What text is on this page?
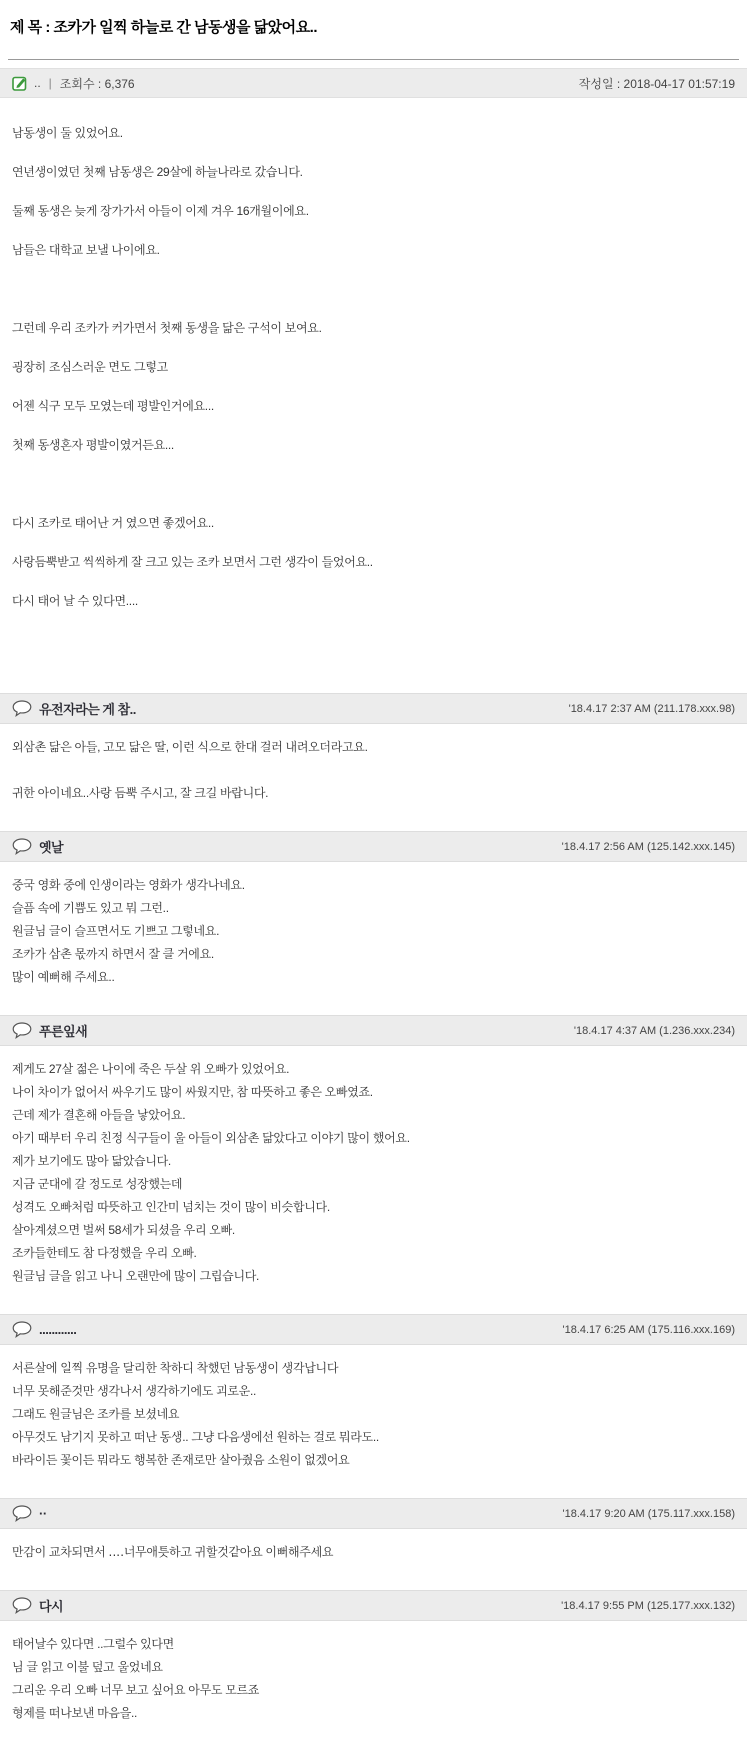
제 목 : 조카가 일찍 하늘로 간 남동생을 닮았어요..
.. | 조회수 : 6,376	작성일 : 2018-04-17 01:57:19
남동생이 둘 있었어요.
연년생이였던 첫째 남동생은 29살에 하늘나라로 갔습니다.
둘째 동생은 늦게 장가가서 아들이 이제 겨우 16개월이에요.
남들은 대학교 보낼 나이에요.

그런데 우리 조카가 커가면서 첫째 동생을 닮은 구석이 보여요.
굉장히 조심스러운 면도 그렇고
어젠 식구 모두 모였는데 평발인거에요...
첫째 동생혼자 평발이였거든요...

다시 조카로 태어난 거 였으면 좋겠어요..
사랑듬뿍받고 씩씩하게 잘 크고 있는 조카 보면서 그런 생각이 들었어요..
다시 태어 날 수 있다면....
유전자라는 게 참..	'18.4.17 2:37 AM (211.178.xxx.98)
외삼촌 닮은 아들, 고모 닮은 딸, 이런 식으로 한대 걸러 내려오더라고요.

귀한 아이네요..사랑 듬뿍 주시고, 잘 크길 바랍니다.
옛날	'18.4.17 2:56 AM (125.142.xxx.145)
중국 영화 중에 인생이라는 영화가 생각나네요.
슬픔 속에 기쁨도 있고 뭐 그런..
원글님 글이 슬프면서도 기쁘고 그렇네요.
조카가 삼촌 몫까지 하면서 잘 클 거에요.
많이 예뻐해 주세요..
푸른잎새	'18.4.17 4:37 AM (1.236.xxx.234)
제게도 27살 젊은 나이에 죽은 두살 위 오빠가 있었어요.
나이 차이가 없어서 싸우기도 많이 싸웠지만, 참 따뜻하고 좋은 오빠였죠.
근데 제가 결혼해 아들을 낳았어요.
아기 때부터 우리 친정 식구들이 울 아들이 외삼촌 닮았다고 이야기 많이 했어요.
제가 보기에도 많아 닮았습니다.
지금 군대에 갈 정도로 성장했는데
성격도 오빠처럼 따뜻하고 인간미 넘치는 것이 많이 비슷합니다.
살아계셨으면 벌써 58세가 되셨을 우리 오빠.
조카들한테도 참 다정했을 우리 오빠.
원글님 글을 읽고 나니 오랜만에 많이 그립습니다.
............	'18.4.17 6:25 AM (175.116.xxx.169)
서른살에 일찍 유명을 달리한 착하디 착했던 남동생이 생각납니다
너무 못해준것만 생각나서 생각하기에도 괴로운..
그래도 원글님은 조카를 보셨네요
아무것도 남기지 못하고 떠난 동생.. 그냥 다음생에선 원하는 걸로 뭐라도..
바라이든 꽃이든 뭐라도 행복한 존재로만 살아줬음 소원이 없겠어요
··	'18.4.17 9:20 AM (175.117.xxx.158)
만감이 교차되면서 ‥‥너무애틋하고 귀할것같아요 이뻐해주세요
다시	'18.4.17 9:55 PM (125.177.xxx.132)
태어날수 있다면 ..그럴수 있다면
님 글 읽고 이불 덮고 울었네요
그리운 우리 오빠 너무 보고 싶어요 아무도 모르죠
형제를 떠나보낸 마음을..
